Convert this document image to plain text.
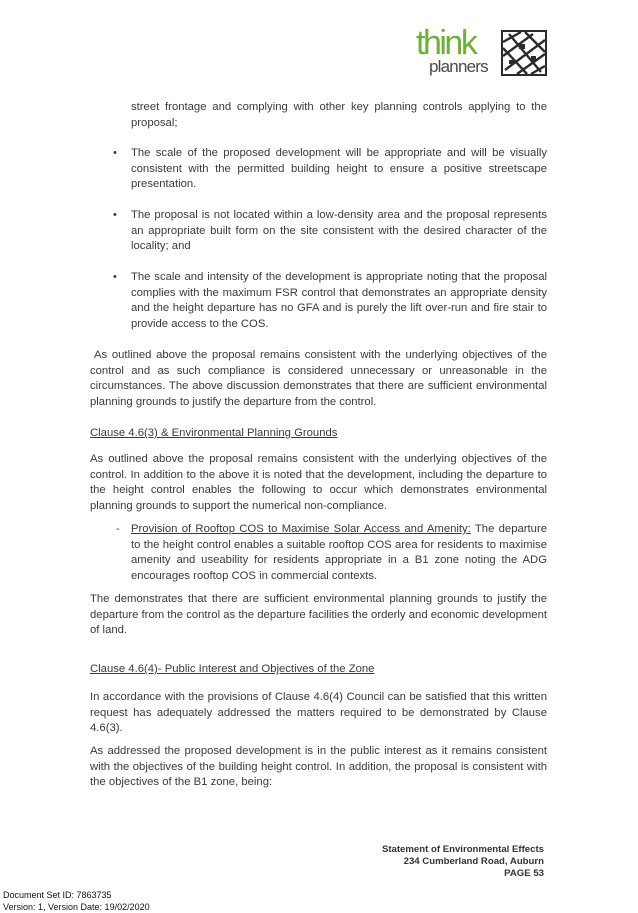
think
planners

street frontage and complying with other key planning controls applying to the proposal;

• The scale of the proposed development will be appropriate and will be visually consistent with the permitted building height to ensure a positive streetscape presentation.

• The proposal is not located within a low-density area and the proposal represents an appropriate built form on the site consistent with the desired character of the locality; and

• The scale and intensity of the development is appropriate noting that the proposal complies with the maximum FSR control that demonstrates an appropriate density and the height departure has no GFA and is purely the lift over-run and fire stair to provide access to the COS.

As outlined above the proposal remains consistent with the underlying objectives of the control and as such compliance is considered unnecessary or unreasonable in the circumstances. The above discussion demonstrates that there are sufficient environmental planning grounds to justify the departure from the control.

Clause 4.6(3) & Environmental Planning Grounds

As outlined above the proposal remains consistent with the underlying objectives of the control. In addition to the above it is noted that the development, including the departure to the height control enables the following to occur which demonstrates environmental planning grounds to support the numerical non-compliance.

- Provision of Rooftop COS to Maximise Solar Access and Amenity: The departure to the height control enables a suitable rooftop COS area for residents to maximise amenity and useability for residents appropriate in a B1 zone noting the ADG encourages rooftop COS in commercial contexts.

The demonstrates that there are sufficient environmental planning grounds to justify the departure from the control as the departure facilities the orderly and economic development of land.

Clause 4.6(4)- Public Interest and Objectives of the Zone

In accordance with the provisions of Clause 4.6(4) Council can be satisfied that this written request has adequately addressed the matters required to be demonstrated by Clause 4.6(3).

As addressed the proposed development is in the public interest as it remains consistent with the objectives of the building height control. In addition, the proposal is consistent with the objectives of the B1 zone, being:

Statement of Environmental Effects
234 Cumberland Road, Auburn
PAGE 53
Document Set ID: 7863735
Version: 1, Version Date: 19/02/2020
